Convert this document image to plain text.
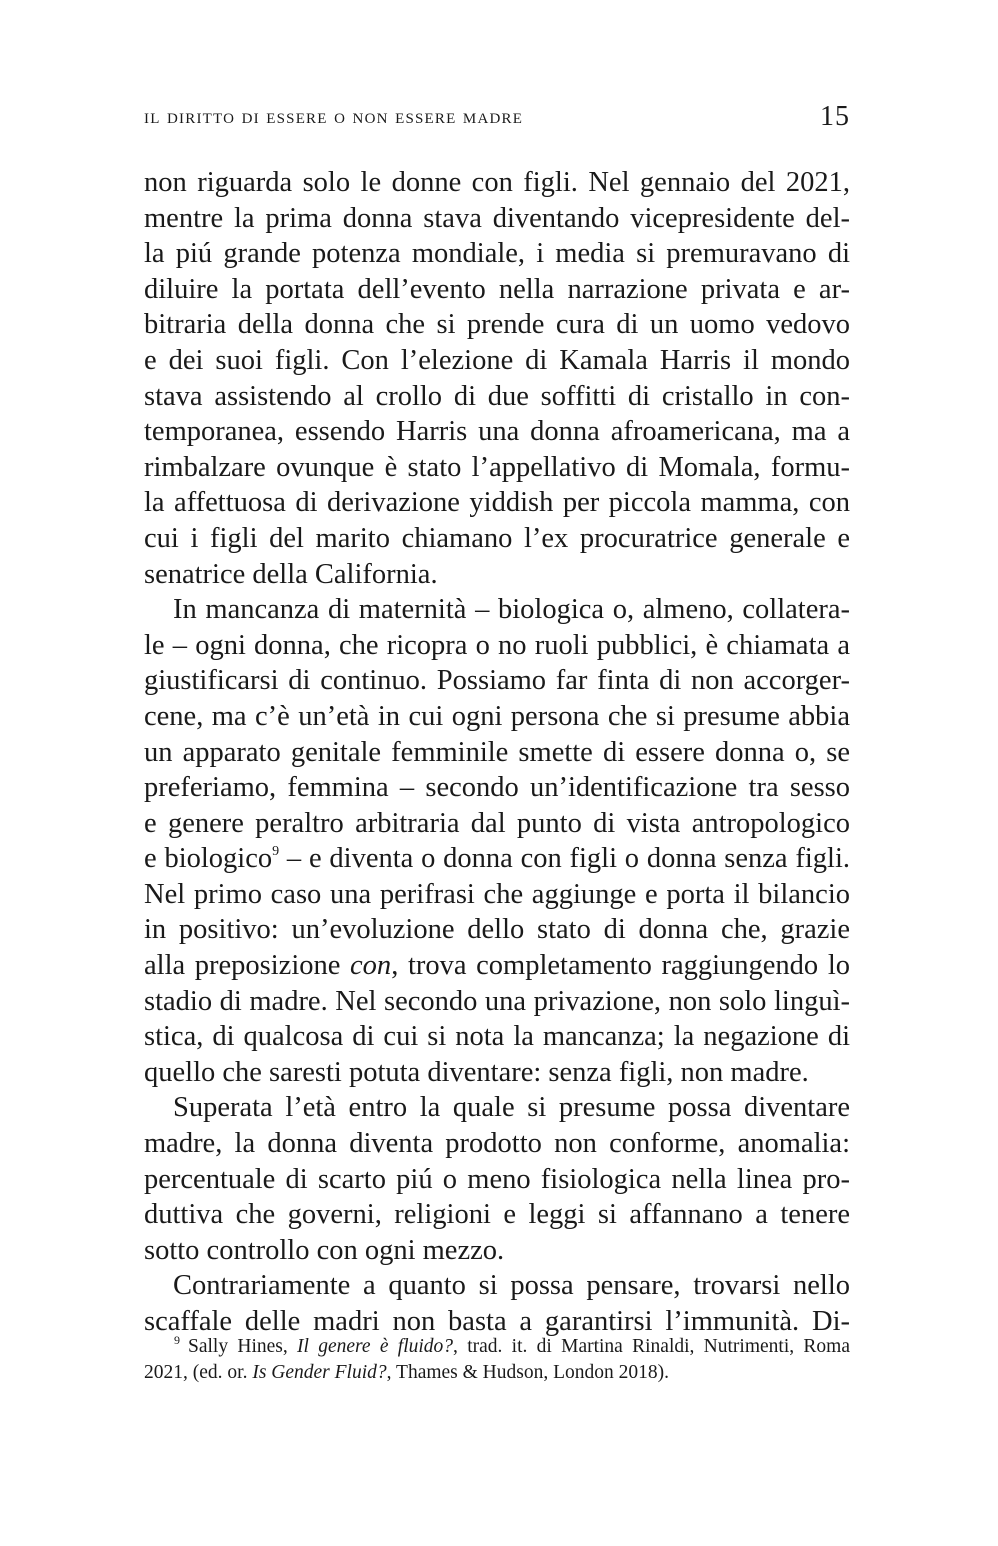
il diritto di essere o non essere madre	15
non riguarda solo le donne con figli. Nel gennaio del 2021,
mentre la prima donna stava diventando vicepresidente del-
la piú grande potenza mondiale, i media si premuravano di
diluire la portata dell’evento nella narrazione privata e ar-
bitraria della donna che si prende cura di un uomo vedovo
e dei suoi figli. Con l’elezione di Kamala Harris il mondo
stava assistendo al crollo di due soffitti di cristallo in con-
temporanea, essendo Harris una donna afroamericana, ma a
rimbalzare ovunque è stato l’appellativo di Momala, formu-
la affettuosa di derivazione yiddish per piccola mamma, con
cui i figli del marito chiamano l’ex procuratrice generale e
senatrice della California.
In mancanza di maternità – biologica o, almeno, collatera-
le – ogni donna, che ricopra o no ruoli pubblici, è chiamata a
giustificarsi di continuo. Possiamo far finta di non accorger-
cene, ma c’è un’età in cui ogni persona che si presume abbia
un apparato genitale femminile smette di essere donna o, se
preferiamo, femmina – secondo un’identificazione tra sesso
e genere peraltro arbitraria dal punto di vista antropologico
e biologico$^9$ – e diventa o donna con figli o donna senza figli.
Nel primo caso una perifrasi che aggiunge e porta il bilancio
in positivo: un’evoluzione dello stato di donna che, grazie
alla preposizione con, trova completamento raggiungendo lo
stadio di madre. Nel secondo una privazione, non solo linguì-
stica, di qualcosa di cui si nota la mancanza; la negazione di
quello che saresti potuta diventare: senza figli, non madre.
Superata l’età entro la quale si presume possa diventare
madre, la donna diventa prodotto non conforme, anomalia:
percentuale di scarto piú o meno fisiologica nella linea pro-
duttiva che governi, religioni e leggi si affannano a tenere
sotto controllo con ogni mezzo.
Contrariamente a quanto si possa pensare, trovarsi nello
scaffale delle madri non basta a garantirsi l’immunità. Di-
$^9$ Sally Hines, Il genere è fluido?, trad. it. di Martina Rinaldi, Nutrimenti, Roma
2021, (ed. or. Is Gender Fluid?, Thames & Hudson, London 2018).
